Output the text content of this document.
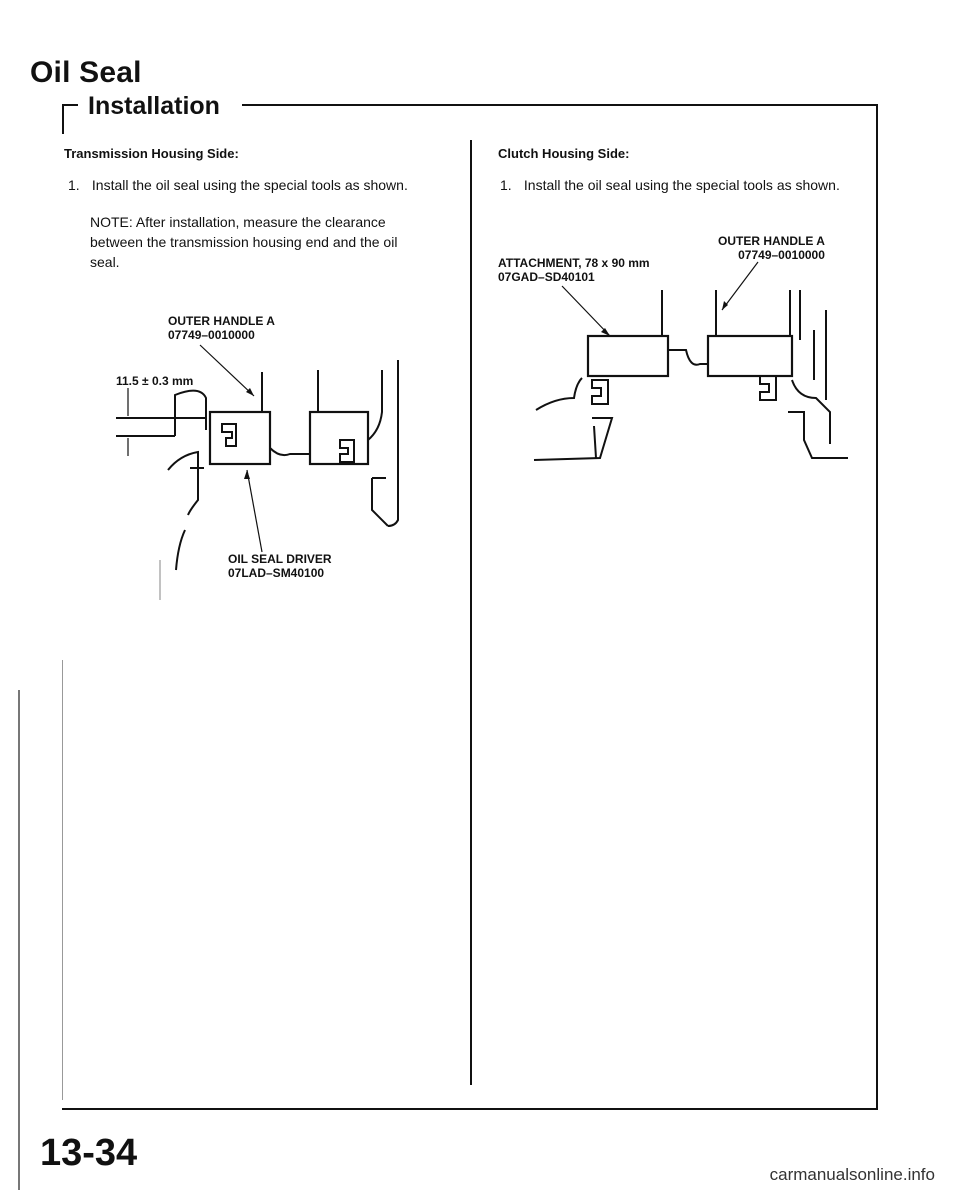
Oil Seal
Installation
Transmission Housing Side:
1. Install the oil seal using the special tools as shown.
NOTE: After installation, measure the clearance
between the transmission housing end and the oil
seal.
OUTER HANDLE A
07749–0010000
11.5 ± 0.3 mm
OIL SEAL DRIVER
07LAD–SM40100
Clutch Housing Side:
1. Install the oil seal using the special tools as shown.
OUTER HANDLE A
07749–0010000
ATTACHMENT, 78 x 90 mm
07GAD–SD40101
13-34
carmanualsonline.info
